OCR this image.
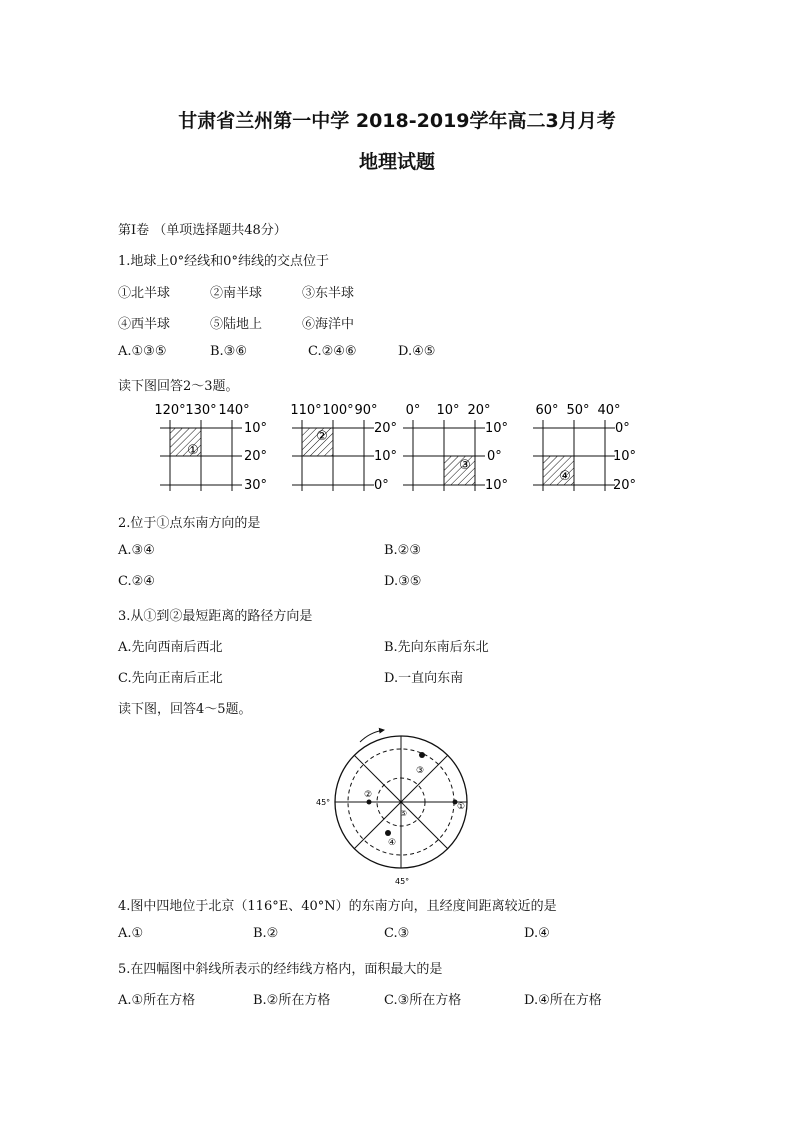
甘肃省兰州第一中学 2018-2019学年高二3月月考
地理试题
第Ⅰ卷 （单项选择题共48分）
1.地球上0°经线和0°纬线的交点位于
①北半球	②南半球	③东半球
④西半球	⑤陆地上	⑥海洋中
A.①③⑤	B.③⑥	C.②④⑥	D.④⑤
读下图回答2～3题。
120° 130° 140°
10°
20°
30°
①
110° 100° 90°
20°
10°
0°
②
0° 10° 20°
10°
0°
10°
③
60° 50° 40°
0°
10°
20°
④
2.位于①点东南方向的是
A.③④	B.②③
C.②④	D.③⑤
3.从①到②最短距离的路径方向是
A.先向西南后西北	B.先向东南后东北
C.先向正南后正北	D.一直向东南
读下图，回答4～5题。
③
①
②
⑤
④
45°
45°
4.图中四地位于北京（116°E、40°N）的东南方向，且经度间距离较近的是
A.①	B.②	C.③	D.④
5.在四幅图中斜线所表示的经纬线方格内，面积最大的是
A.①所在方格	B.②所在方格	C.③所在方格	D.④所在方格
